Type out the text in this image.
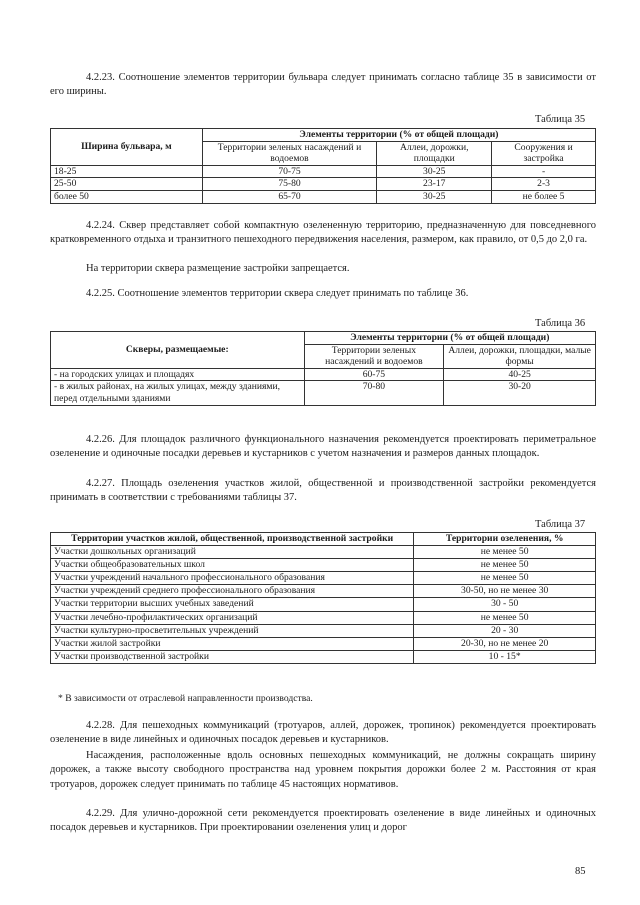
4.2.23. Соотношение элементов территории бульвара следует принимать согласно таблице 35 в зависимости от его ширины.

Таблица 35
Ширина бульвара, м	Элементы территории (% от общей площади)		
	Территории зеленых насаждений и водоемов	Аллеи, дорожки, площадки	Сооружения и застройка
18-25	70-75	30-25	-
25-50	75-80	23-17	2-3
более 50	65-70	30-25	не более 5

4.2.24. Сквер представляет собой компактную озелененную территорию, предназначенную для повседневного кратковременного отдыха и транзитного пешеходного передвижения населения, размером, как правило, от 0,5 до 2,0 га.

На территории сквера размещение застройки запрещается.

4.2.25. Соотношение элементов территории сквера следует принимать по таблице 36.

Таблица 36
Скверы, размещаемые:	Элементы территории (% от общей площади)	
	Территории зеленых насаждений и водоемов	Аллеи, дорожки, площадки, малые формы
- на городских улицах и площадях	60-75	40-25
- в жилых районах, на жилых улицах, между зданиями, перед отдельными зданиями	70-80	30-20

4.2.26. Для площадок различного функционального назначения рекомендуется проектировать периметральное озеленение и одиночные посадки деревьев и кустарников с учетом назначения и размеров данных площадок.

4.2.27. Площадь озеленения участков жилой, общественной и производственной застройки рекомендуется принимать в соответствии с требованиями таблицы 37.

Таблица 37
Территории участков жилой, общественной, производственной застройки	Территории озеленения, %
Участки дошкольных организаций	не менее 50
Участки общеобразовательных школ	не менее 50
Участки учреждений начального профессионального образования	не менее 50
Участки учреждений среднего профессионального образования	30-50, но не менее 30
Участки территории высших учебных заведений	30 - 50
Участки лечебно-профилактических организаций	не менее 50
Участки культурно-просветительных учреждений	20 - 30
Участки жилой застройки	20-30, но не менее 20
Участки производственной застройки	10 - 15*
* В зависимости от отраслевой направленности производства.

4.2.28. Для пешеходных коммуникаций (тротуаров, аллей, дорожек, тропинок) рекомендуется проектировать озеленение в виде линейных и одиночных посадок деревьев и кустарников.

Насаждения, расположенные вдоль основных пешеходных коммуникаций, не должны сокращать ширину дорожек, а также высоту свободного пространства над уровнем покрытия дорожки более 2 м. Расстояния от края тротуаров, дорожек следует принимать по таблице 45 настоящих нормативов.

4.2.29. Для улично-дорожной сети рекомендуется проектировать озеленение в виде линейных и одиночных посадок деревьев и кустарников. При проектировании озеленения улиц и дорог

85
